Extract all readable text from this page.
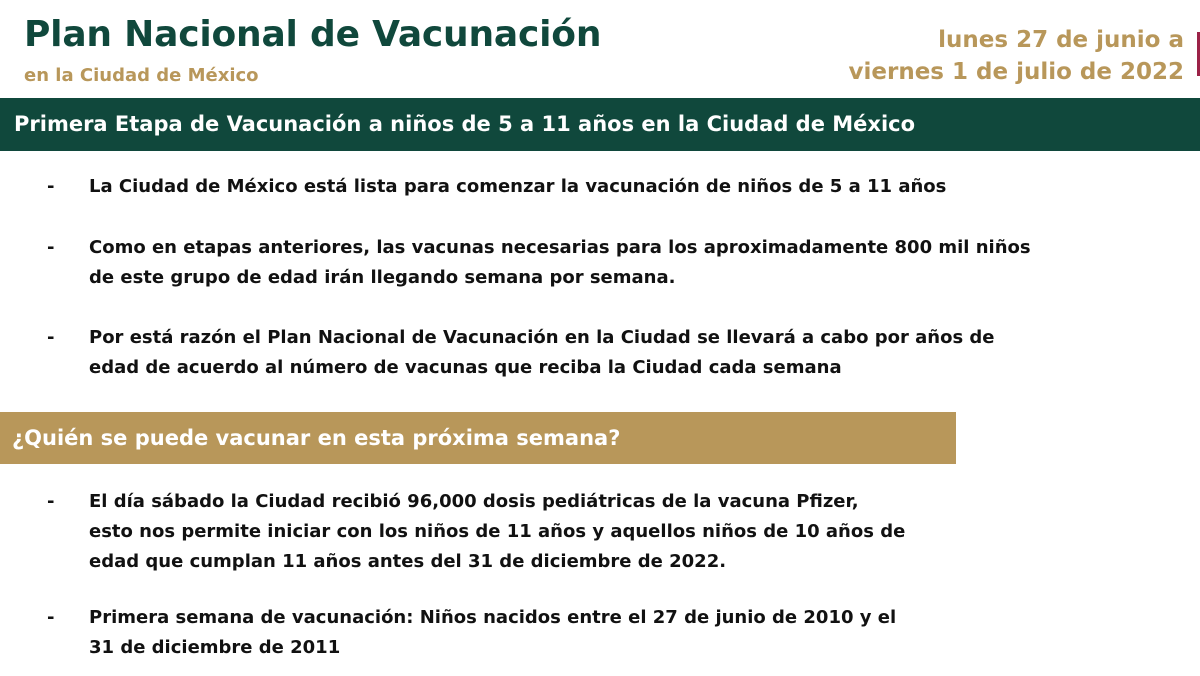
Plan Nacional de Vacunación
en la Ciudad de México
lunes 27 de junio a
viernes 1 de julio de 2022
Primera Etapa de Vacunación a niños de 5 a 11 años en la Ciudad de México
-	La Ciudad de México está lista para comenzar la vacunación de niños de 5 a 11 años
-	Como en etapas anteriores, las vacunas necesarias para los aproximadamente 800 mil niños
de este grupo de edad irán llegando semana por semana.
-	Por está razón el Plan Nacional de Vacunación en la Ciudad se llevará a cabo por años de
edad de acuerdo al número de vacunas que reciba la Ciudad cada semana
¿Quién se puede vacunar en esta próxima semana?
-	El día sábado la Ciudad recibió 96,000 dosis pediátricas de la vacuna Pfizer,
esto nos permite iniciar con los niños de 11 años y aquellos niños de 10 años de
edad que cumplan 11 años antes del 31 de diciembre de 2022.
-	Primera semana de vacunación: Niños nacidos entre el 27 de junio de 2010 y el
31 de diciembre de 2011
